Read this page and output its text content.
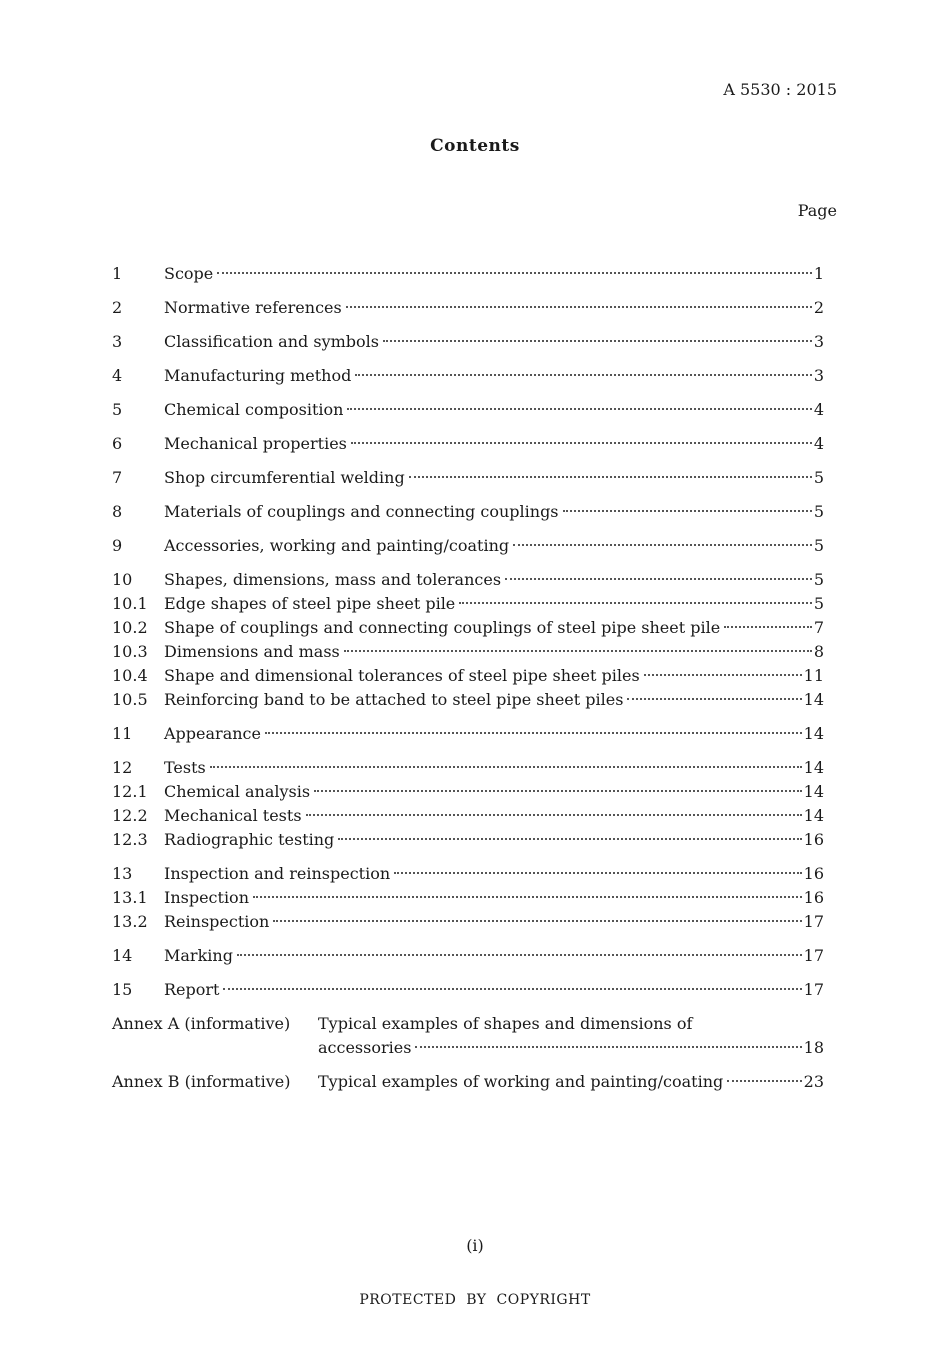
A 5530 : 2015
Contents
Page
1	Scope	1
2	Normative references	2
3	Classification and symbols	3
4	Manufacturing method	3
5	Chemical composition	4
6	Mechanical properties	4
7	Shop circumferential welding	5
8	Materials of couplings and connecting couplings	5
9	Accessories, working and painting/coating	5
10	Shapes, dimensions, mass and tolerances	5
10.1	Edge shapes of steel pipe sheet pile	5
10.2	Shape of couplings and connecting couplings of steel pipe sheet pile	7
10.3	Dimensions and mass	8
10.4	Shape and dimensional tolerances of steel pipe sheet piles	11
10.5	Reinforcing band to be attached to steel pipe sheet piles	14
11	Appearance	14
12	Tests	14
12.1	Chemical analysis	14
12.2	Mechanical tests	14
12.3	Radiographic testing	16
13	Inspection and reinspection	16
13.1	Inspection	16
13.2	Reinspection	17
14	Marking	17
15	Report	17
Annex A (informative)	Typical examples of shapes and dimensions of
accessories	18
Annex B (informative)	Typical examples of working and painting/coating	23
(i)
PROTECTED BY COPYRIGHT
